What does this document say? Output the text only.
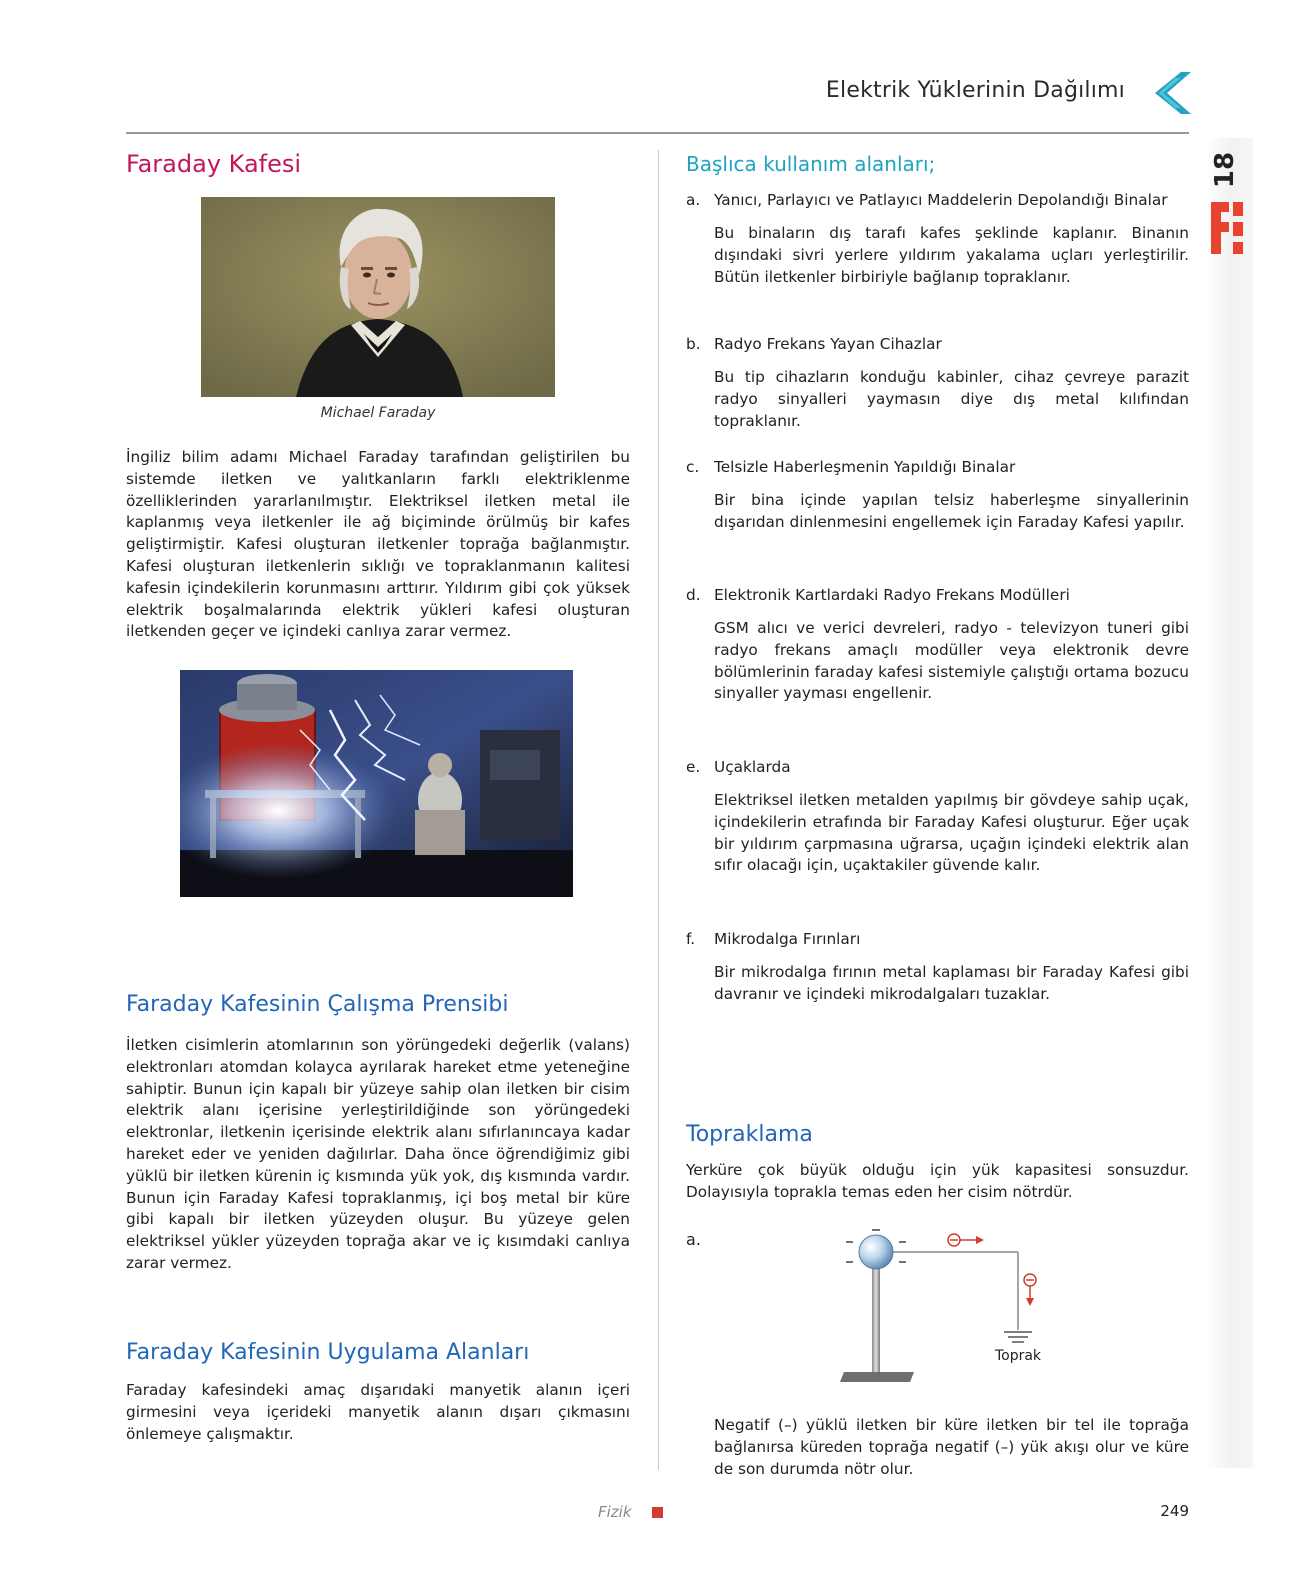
Elektrik Yüklerinin Dağılımı
18
Faraday Kafesi
Michael Faraday
İngiliz bilim adamı Michael Faraday tarafından geliştirilen bu sistemde iletken ve yalıtkanların farklı elektriklenme özelliklerinden yararlanılmıştır. Elektriksel iletken metal ile kaplanmış veya iletkenler ile ağ biçiminde örülmüş bir kafes geliştirmiştir. Kafesi oluşturan iletkenler toprağa bağlanmıştır. Kafesi oluşturan iletkenlerin sıklığı ve topraklanmanın kalitesi kafesin içindekilerin korunmasını arttırır. Yıldırım gibi çok yüksek elektrik boşalmalarında elektrik yükleri kafesi oluşturan iletkenden geçer ve içindeki canlıya zarar vermez.
Faraday Kafesinin Çalışma Prensibi
İletken cisimlerin atomlarının son yörüngedeki değerlik (valans) elektronları atomdan kolayca ayrılarak hareket etme yeteneğine sahiptir. Bunun için kapalı bir yüzeye sahip olan iletken bir cisim elektrik alanı içerisine yerleştirildiğinde son yörüngedeki elektronlar, iletkenin içerisinde elektrik alanı sıfırlanıncaya kadar hareket eder ve yeniden dağılırlar. Daha önce öğrendiğimiz gibi yüklü bir iletken kürenin iç kısmında yük yok, dış kısmında vardır. Bunun için Faraday Kafesi topraklanmış, içi boş metal bir küre gibi kapalı bir iletken yüzeyden oluşur. Bu yüzeye gelen elektriksel yükler yüzeyden toprağa akar ve iç kısımdaki canlıya zarar vermez.
Faraday Kafesinin Uygulama Alanları
Faraday kafesindeki amaç dışarıdaki manyetik alanın içeri girmesini veya içerideki manyetik alanın dışarı çıkmasını önlemeye çalışmaktır.
Başlıca kullanım alanları;
a. Yanıcı, Parlayıcı ve Patlayıcı Maddelerin Depolandığı Binalar
Bu binaların dış tarafı kafes şeklinde kaplanır. Binanın dışındaki sivri yerlere yıldırım yakalama uçları yerleştirilir. Bütün iletkenler birbiriyle bağlanıp topraklanır.
b. Radyo Frekans Yayan Cihazlar
Bu tip cihazların konduğu kabinler, cihaz çevreye parazit radyo sinyalleri yaymasın diye dış metal kılıfından topraklanır.
c. Telsizle Haberleşmenin Yapıldığı Binalar
Bir bina içinde yapılan telsiz haberleşme sinyallerinin dışarıdan dinlenmesini engellemek için Faraday Kafesi yapılır.
d. Elektronik Kartlardaki Radyo Frekans Modülleri
GSM alıcı ve verici devreleri, radyo - televizyon tuneri gibi radyo frekans amaçlı modüller veya elektronik devre bölümlerinin faraday kafesi sistemiyle çalıştığı ortama bozucu sinyaller yayması engellenir.
e. Uçaklarda
Elektriksel iletken metalden yapılmış bir gövdeye sahip uçak, içindekilerin etrafında bir Faraday Kafesi oluşturur. Eğer uçak bir yıldırım çarpmasına uğrarsa, uçağın içindeki elektrik alan sıfır olacağı için, uçaktakiler güvende kalır.
f. Mikrodalga Fırınları
Bir mikrodalga fırının metal kaplaması bir Faraday Kafesi gibi davranır ve içindeki mikrodalgaları tuzaklar.
Topraklama
Yerküre çok büyük olduğu için yük kapasitesi sonsuzdur. Dolayısıyla toprakla temas eden her cisim nötrdür.
a.
Toprak
Negatif (–) yüklü iletken bir küre iletken bir tel ile toprağa bağlanırsa küreden toprağa negatif (–) yük akışı olur ve küre de son durumda nötr olur.
Fizik	249
